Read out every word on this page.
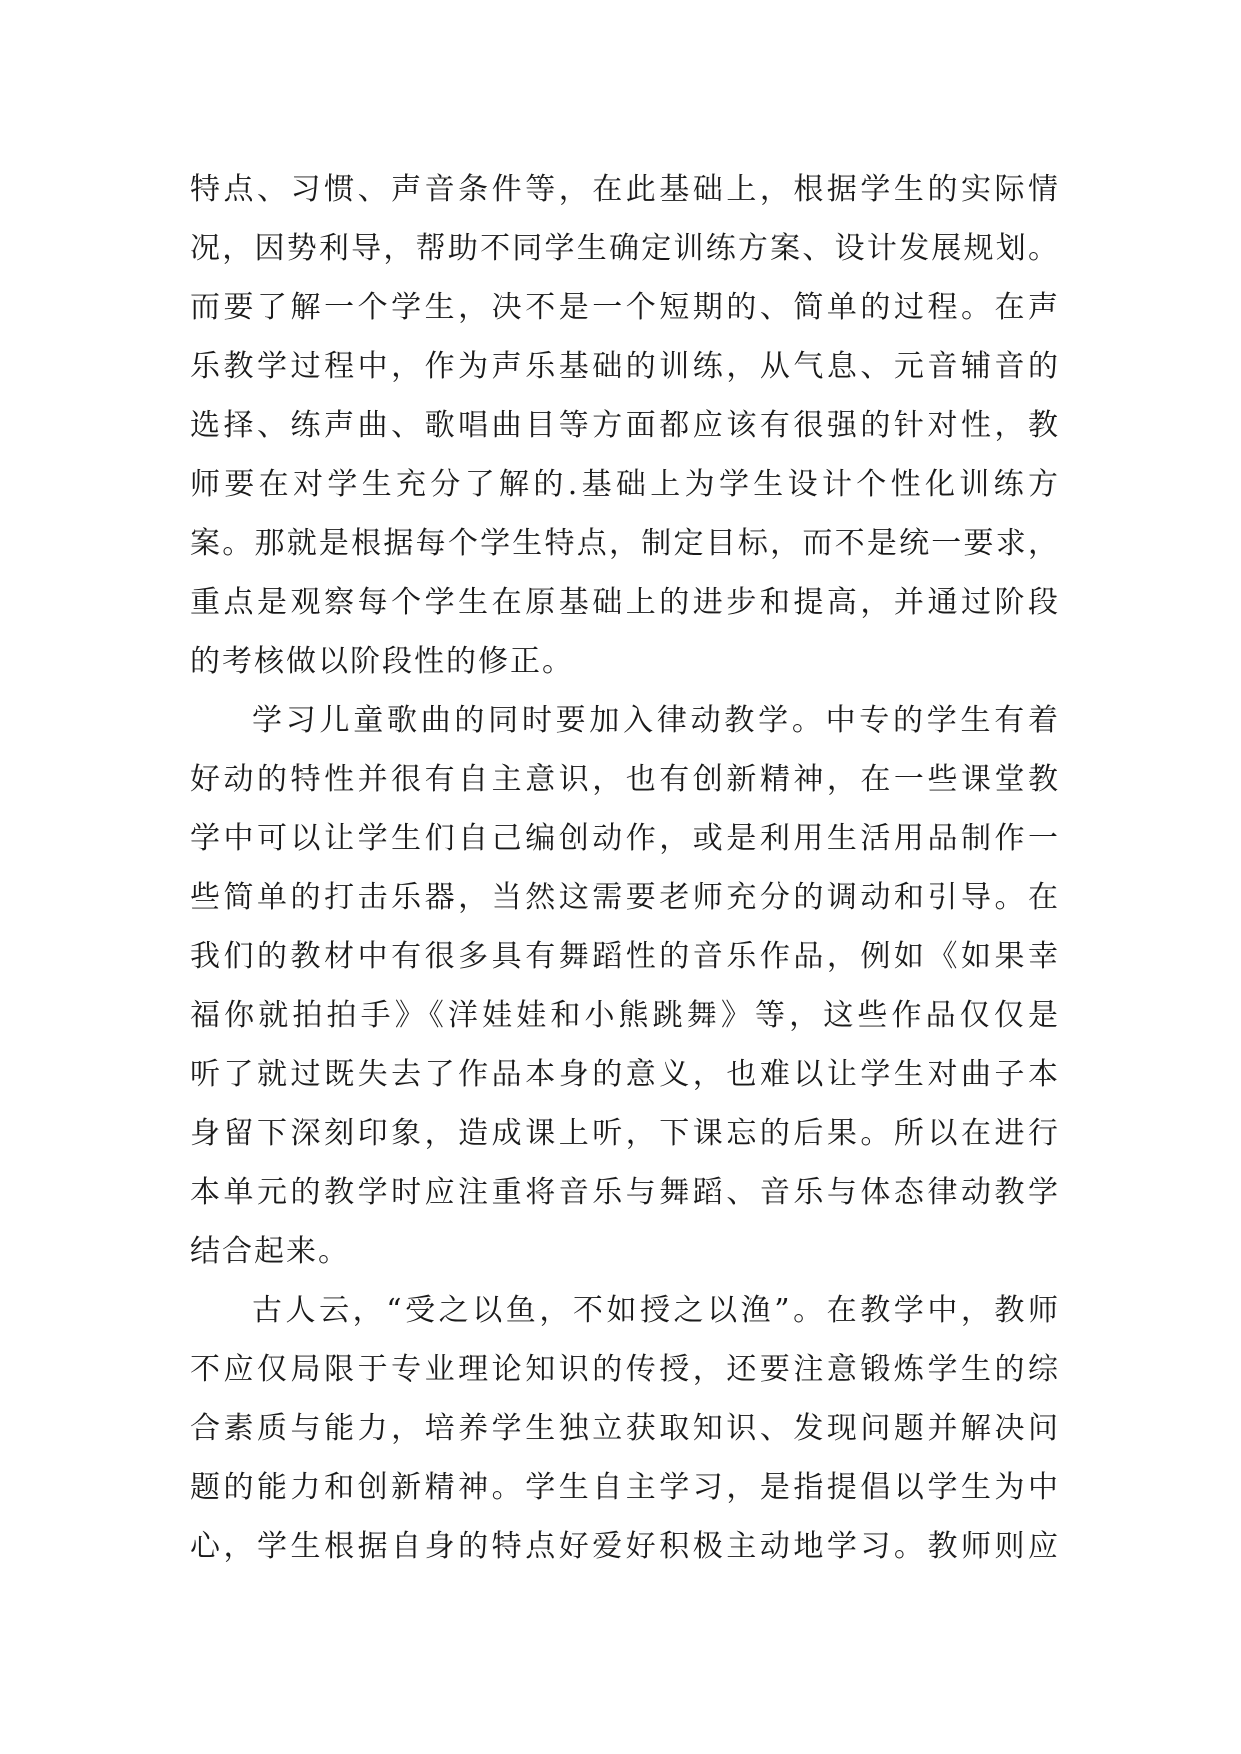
特点、习惯、声音条件等，在此基础上，根据学生的实际情
况，因势利导，帮助不同学生确定训练方案、设计发展规划。
而要了解一个学生，决不是一个短期的、简单的过程。在声
乐教学过程中，作为声乐基础的训练，从气息、元音辅音的
选择、练声曲、歌唱曲目等方面都应该有很强的针对性，教
师要在对学生充分了解的.基础上为学生设计个性化训练方
案。那就是根据每个学生特点，制定目标，而不是统一要求，
重点是观察每个学生在原基础上的进步和提高，并通过阶段
的考核做以阶段性的修正。
学习儿童歌曲的同时要加入律动教学。中专的学生有着
好动的特性并很有自主意识，也有创新精神，在一些课堂教
学中可以让学生们自己编创动作，或是利用生活用品制作一
些简单的打击乐器，当然这需要老师充分的调动和引导。在
我们的教材中有很多具有舞蹈性的音乐作品，例如《如果幸
福你就拍拍手》《洋娃娃和小熊跳舞》等，这些作品仅仅是
听了就过既失去了作品本身的意义，也难以让学生对曲子本
身留下深刻印象，造成课上听，下课忘的后果。所以在进行
本单元的教学时应注重将音乐与舞蹈、音乐与体态律动教学
结合起来。
古人云，“受之以鱼，不如授之以渔”。在教学中，教师
不应仅局限于专业理论知识的传授，还要注意锻炼学生的综
合素质与能力，培养学生独立获取知识、发现问题并解决问
题的能力和创新精神。学生自主学习，是指提倡以学生为中
心，学生根据自身的特点好爱好积极主动地学习。教师则应
